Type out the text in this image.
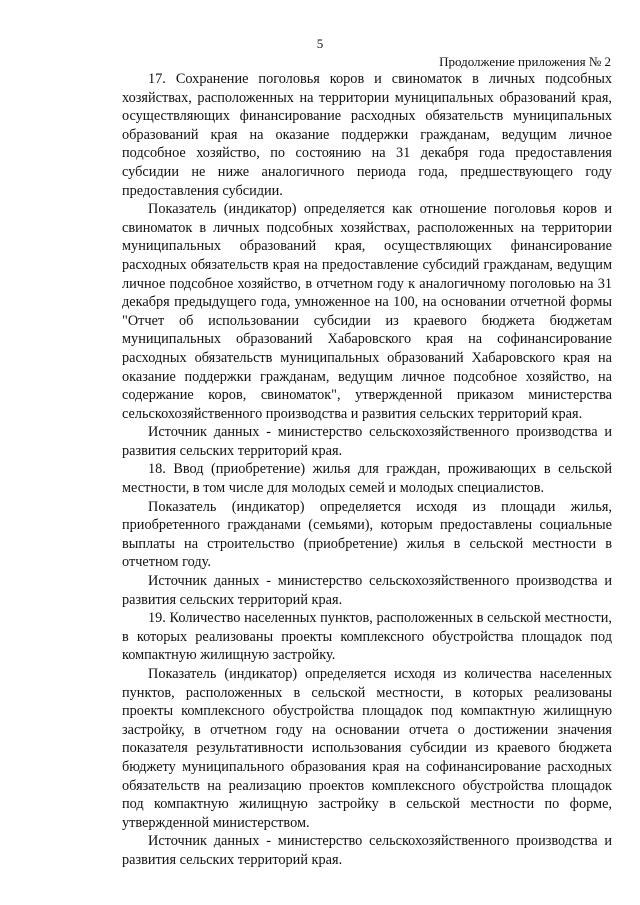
5
Продолжение приложения № 2

17. Сохранение поголовья коров и свиноматок в личных подсобных хозяйствах, расположенных на территории муниципальных образований края, осуществляющих финансирование расходных обязательств муниципальных образований края на оказание поддержки гражданам, ведущим личное подсобное хозяйство, по состоянию на 31 декабря года предоставления субсидии не ниже аналогичного периода года, предшествующего году предоставления субсидии.

Показатель (индикатор) определяется как отношение поголовья коров и свиноматок в личных подсобных хозяйствах, расположенных на территории муниципальных образований края, осуществляющих финансирование расходных обязательств края на предоставление субсидий гражданам, ведущим личное подсобное хозяйство, в отчетном году к аналогичному поголовью на 31 декабря предыдущего года, умноженное на 100, на основании отчетной формы "Отчет об использовании субсидии из краевого бюджета бюджетам муниципальных образований Хабаровского края на софинансирование расходных обязательств муниципальных образований Хабаровского края на оказание поддержки гражданам, ведущим личное подсобное хозяйство, на содержание коров, свиноматок", утвержденной приказом министерства сельскохозяйственного производства и развития сельских территорий края.

Источник данных - министерство сельскохозяйственного производства и развития сельских территорий края.

18. Ввод (приобретение) жилья для граждан, проживающих в сельской местности, в том числе для молодых семей и молодых специалистов.

Показатель (индикатор) определяется исходя из площади жилья, приобретенного гражданами (семьями), которым предоставлены социальные выплаты на строительство (приобретение) жилья в сельской местности в отчетном году.

Источник данных - министерство сельскохозяйственного производства и развития сельских территорий края.

19. Количество населенных пунктов, расположенных в сельской местности, в которых реализованы проекты комплексного обустройства площадок под компактную жилищную застройку.

Показатель (индикатор) определяется исходя из количества населенных пунктов, расположенных в сельской местности, в которых реализованы проекты комплексного обустройства площадок под компактную жилищную застройку, в отчетном году на основании отчета о достижении значения показателя результативности использования субсидии из краевого бюджета бюджету муниципального образования края на софинансирование расходных обязательств на реализацию проектов комплексного обустройства площадок под компактную жилищную застройку в сельской местности по форме, утвержденной министерством.

Источник данных - министерство сельскохозяйственного производства и развития сельских территорий края.
